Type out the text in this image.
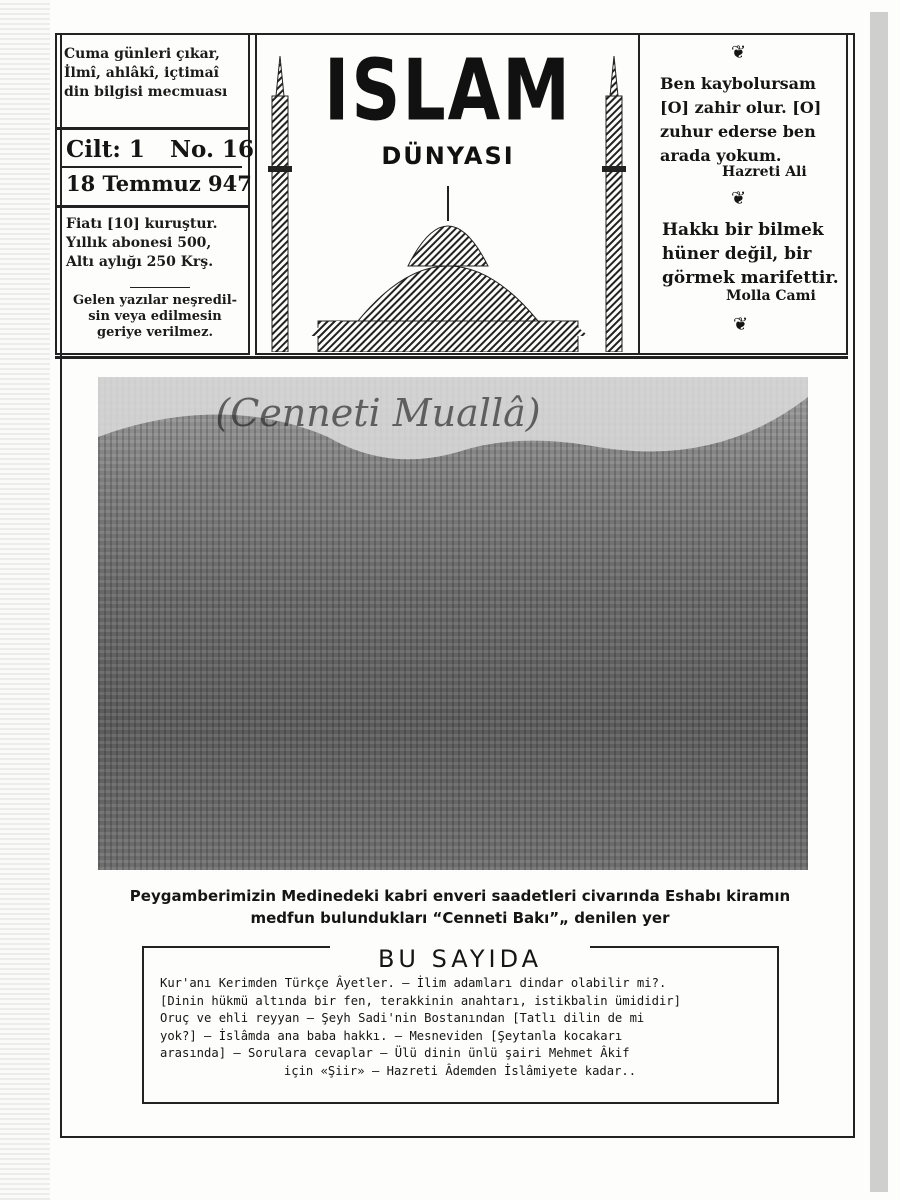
Cuma günleri çıkar,
İlmî, ahlâkî, içtimaî
din bilgisi mecmuası
Cilt: 1 No. 16
18 Temmuz 947
Fiatı [10] kuruştur.
Yıllık abonesi 500,
Altı aylığı 250 Krş.
Gelen yazılar neşredil-
sin veya edilmesin
geriye verilmez.
ISLAM
DÜNYASI
❦
Ben kaybolursam
[O] zahir olur. [O]
zuhur ederse ben
arada yokum.
Hazreti Ali
❦
Hakkı bir bilmek
hüner değil, bir
görmek marifettir.
Molla Cami
❦
(Cenneti Muallâ)
Peygamberimizin Medinedeki kabri enveri saadetleri civarında Eshabı kiramın
medfun bulundukları “Cenneti Bakı”„ denilen yer
BU SAYIDA
Kur'anı Kerimden Türkçe Âyetler. — İlim adamları dindar olabilir mi?.
[Dinin hükmü altında bir fen, terakkinin anahtarı, istikbalin ümididir]
Oruç ve ehli reyyan — Şeyh Sadi'nin Bostanından [Tatlı dilin de mi
yok?] — İslâmda ana baba hakkı. — Mesneviden [Şeytanla kocakarı
arasında] — Sorulara cevaplar — Ülü dinin ünlü şairi Mehmet Âkif
için «Şiir» — Hazreti Âdemden İslâmiyete kadar..
